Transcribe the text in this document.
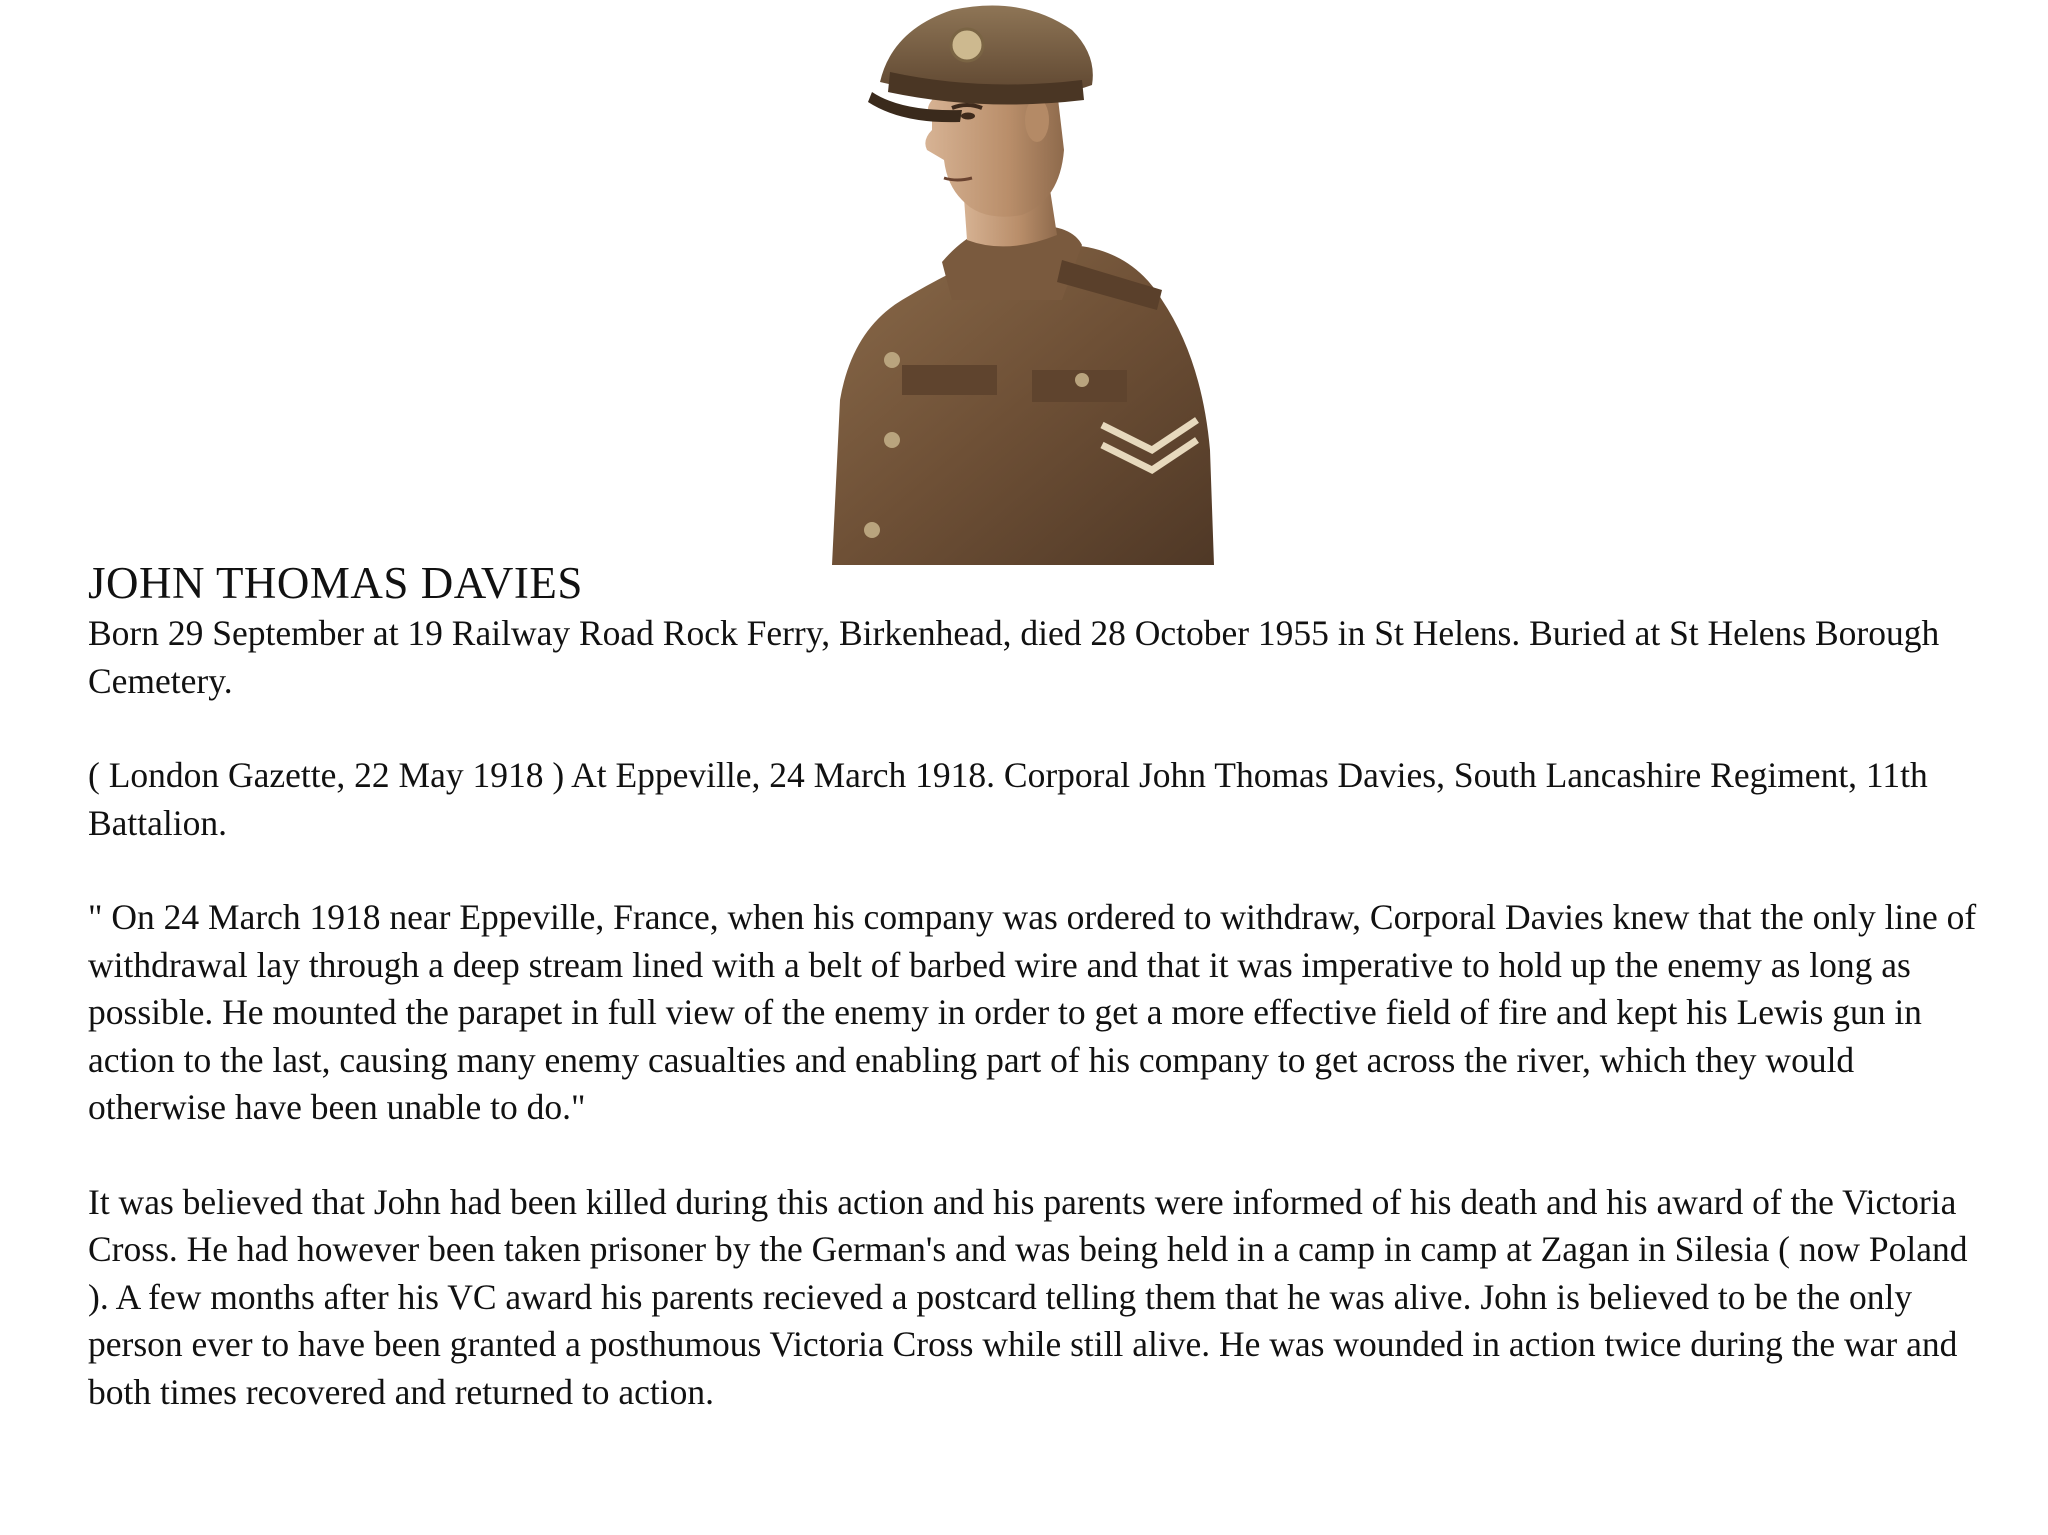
JOHN THOMAS DAVIES

Born 29 September at 19 Railway Road Rock Ferry, Birkenhead, died 28 October 1955 in St Helens. Buried at St Helens Borough Cemetery.

( London Gazette, 22 May 1918 ) At Eppeville, 24 March 1918. Corporal John Thomas Davies, South Lancashire Regiment, 11th Battalion.

" On 24 March 1918 near Eppeville, France, when his company was ordered to withdraw, Corporal Davies knew that the only line of withdrawal lay through a deep stream lined with a belt of barbed wire and that it was imperative to hold up the enemy as long as possible. He mounted the parapet in full view of the enemy in order to get a more effective field of fire and kept his Lewis gun in action to the last, causing many enemy casualties and enabling part of his company to get across the river, which they would otherwise have been unable to do."

It was believed that John had been killed during this action and his parents were informed of his death and his award of the Victoria Cross. He had however been taken prisoner by the German's and was being held in a camp in camp at Zagan in Silesia ( now Poland ). A few months after his VC award his parents recieved a postcard telling them that he was alive. John is believed to be the only person ever to have been granted a posthumous Victoria Cross while still alive. He was wounded in action twice during the war and both times recovered and returned to action.
